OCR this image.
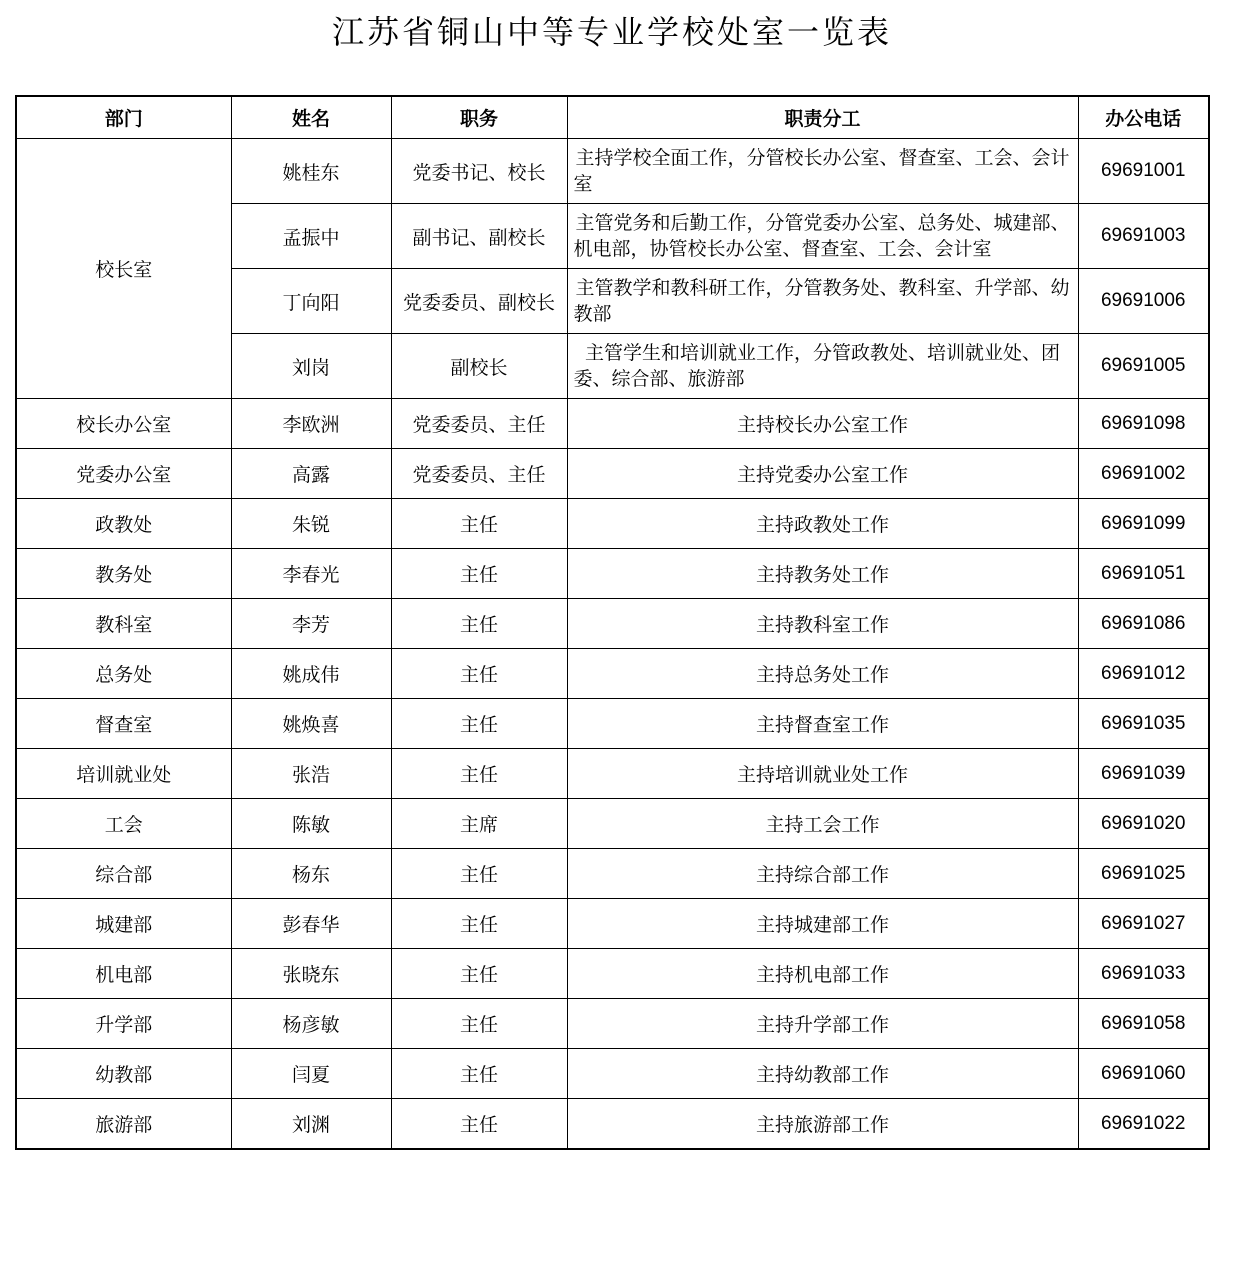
江苏省铜山中等专业学校处室一览表
部门	姓名	职务	职责分工	办公电话
校长室	姚桂东	党委书记、校长	主持学校全面工作，分管校长办公室、督查室、工会、会计室	69691001
	孟振中	副书记、副校长	主管党务和后勤工作，分管党委办公室、总务处、城建部、机电部，协管校长办公室、督查室、工会、会计室	69691003
	丁向阳	党委委员、副校长	主管教学和教科研工作，分管教务处、教科室、升学部、幼教部	69691006
	刘岗	副校长	主管学生和培训就业工作，分管政教处、培训就业处、团委、综合部、旅游部	69691005
校长办公室	李欧洲	党委委员、主任	主持校长办公室工作	69691098
党委办公室	高露	党委委员、主任	主持党委办公室工作	69691002
政教处	朱锐	主任	主持政教处工作	69691099
教务处	李春光	主任	主持教务处工作	69691051
教科室	李芳	主任	主持教科室工作	69691086
总务处	姚成伟	主任	主持总务处工作	69691012
督查室	姚焕喜	主任	主持督查室工作	69691035
培训就业处	张浩	主任	主持培训就业处工作	69691039
工会	陈敏	主席	主持工会工作	69691020
综合部	杨东	主任	主持综合部工作	69691025
城建部	彭春华	主任	主持城建部工作	69691027
机电部	张晓东	主任	主持机电部工作	69691033
升学部	杨彦敏	主任	主持升学部工作	69691058
幼教部	闫夏	主任	主持幼教部工作	69691060
旅游部	刘渊	主任	主持旅游部工作	69691022
